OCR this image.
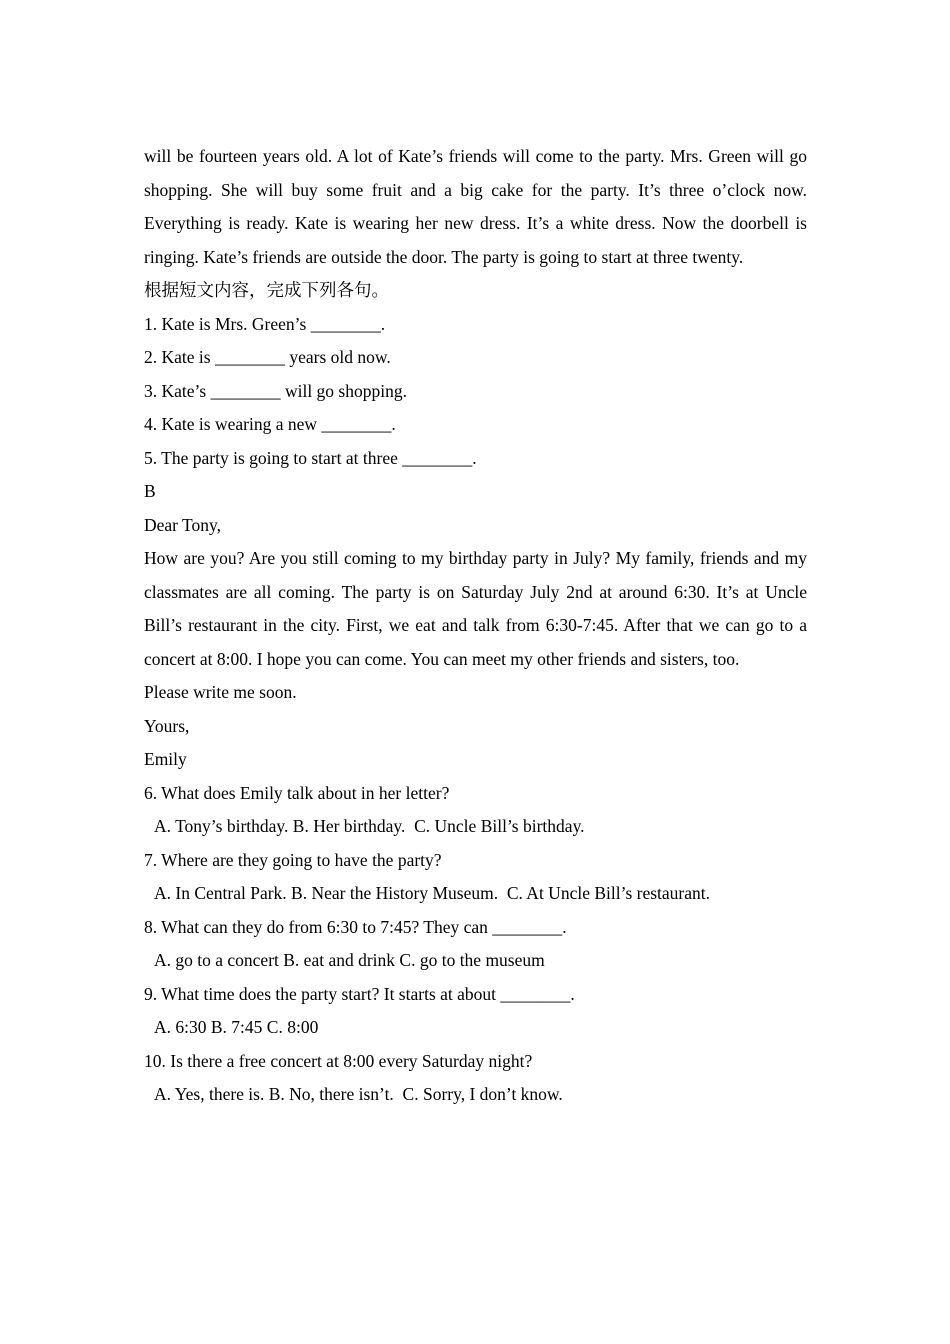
will be fourteen years old. A lot of Kate’s friends will come to the party. Mrs. Green will go shopping. She will buy some fruit and a big cake for the party. It’s three o’clock now. Everything is ready. Kate is wearing her new dress. It’s a white dress. Now the doorbell is ringing. Kate’s friends are outside the door. The party is going to start at three twenty.

根据短文内容，完成下列各句。

1. Kate is Mrs. Green’s ________.

2. Kate is ________ years old now.

3. Kate’s ________ will go shopping.

4. Kate is wearing a new ________.

5. The party is going to start at three ________.

B

Dear Tony,

How are you? Are you still coming to my birthday party in July? My family, friends and my classmates are all coming. The party is on Saturday July 2nd at around 6:30. It’s at Uncle Bill’s restaurant in the city. First, we eat and talk from 6:30-7:45. After that we can go to a concert at 8:00. I hope you can come. You can meet my other friends and sisters, too.

Please write me soon.

Yours,

Emily

6. What does Emily talk about in her letter?

A. Tony’s birthday. B. Her birthday.  C. Uncle Bill’s birthday.

7. Where are they going to have the party?

A. In Central Park. B. Near the History Museum.  C. At Uncle Bill’s restaurant.

8. What can they do from 6:30 to 7:45? They can ________.

A. go to a concert B. eat and drink C. go to the museum

9. What time does the party start? It starts at about ________.

A. 6:30 B. 7:45 C. 8:00

10. Is there a free concert at 8:00 every Saturday night?

A. Yes, there is. B. No, there isn’t.  C. Sorry, I don’t know.
